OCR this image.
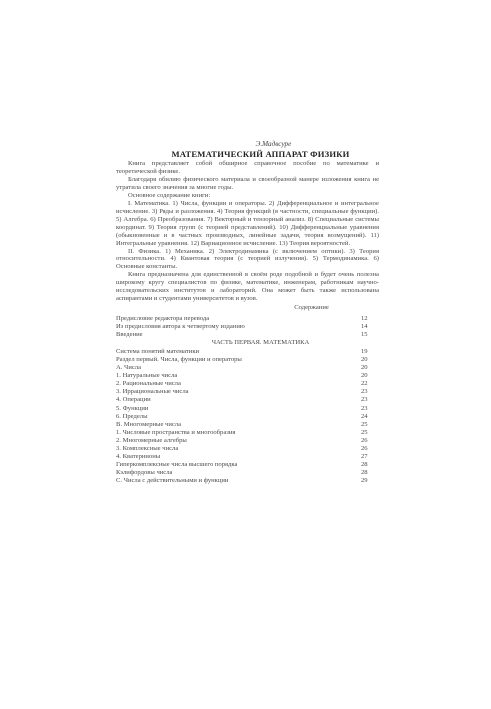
Э.Мадвсуре
МАТЕМАТИЧЕСКИЙ АППАРАТ ФИЗИКИ

Книга представляет собой обширное справочное пособие по математике и теоретической физике.

Благодаря обилию физического материала и своеобразной манере изложения книга не утратила своего значения за многие годы.

Основное содержание книги:

I. Математика. 1) Числа, функции и операторы. 2) Дифференциальное и интегральное исчисление. 3) Ряды и разложения. 4) Теория функций (в частности, специальные функции). 5) Алгебра. 6) Преобразования. 7) Векторный и тензорный анализ. 8) Специальные системы координат. 9) Теория групп (с теорией представлений). 10) Дифференциальные уравнения (обыкновенные и в частных производных, линейные задачи, теория возмущений). 11) Интегральные уравнения. 12) Вариационное исчисление. 13) Теория вероятностей.

II. Физика. 1) Механика. 2) Электродинамика (с включением оптики). 3) Теория относительности. 4) Квантовая теория (с теорией излучения). 5) Термодинамика. 6) Основные константы.

Книга предназначена для единственной в своём роде подобной и будет очень полезна широкому кругу специалистов по физике, математике, инженерам, работникам научно-исследовательских институтов и лабораторий. Она может быть также использована аспирантами и студентами университетов и вузов.

Содержание
Предисловие редактора перевода	12
Из предисловия автора к четвертому изданию	14
Введение	15
ЧАСТЬ ПЕРВАЯ. МАТЕМАТИКА
Система понятий математики	19
Раздел первый. Числа, функции и операторы	20
А. Числа	20
1. Натуральные числа	20
2. Рациональные числа	22
3. Иррациональные числа	23
4. Операции	23
5. Функции	23
6. Пределы	24
В. Многомерные числа	25
1. Числовые пространства и многообразия	25
2. Многомерные алгебры	26
3. Комплексные числа	26
4. Кватернионы	27
Гиперкомплексные числа высшего порядка	28
Кэлифордовы числа	28
С. Числа с действительными и функции	29
